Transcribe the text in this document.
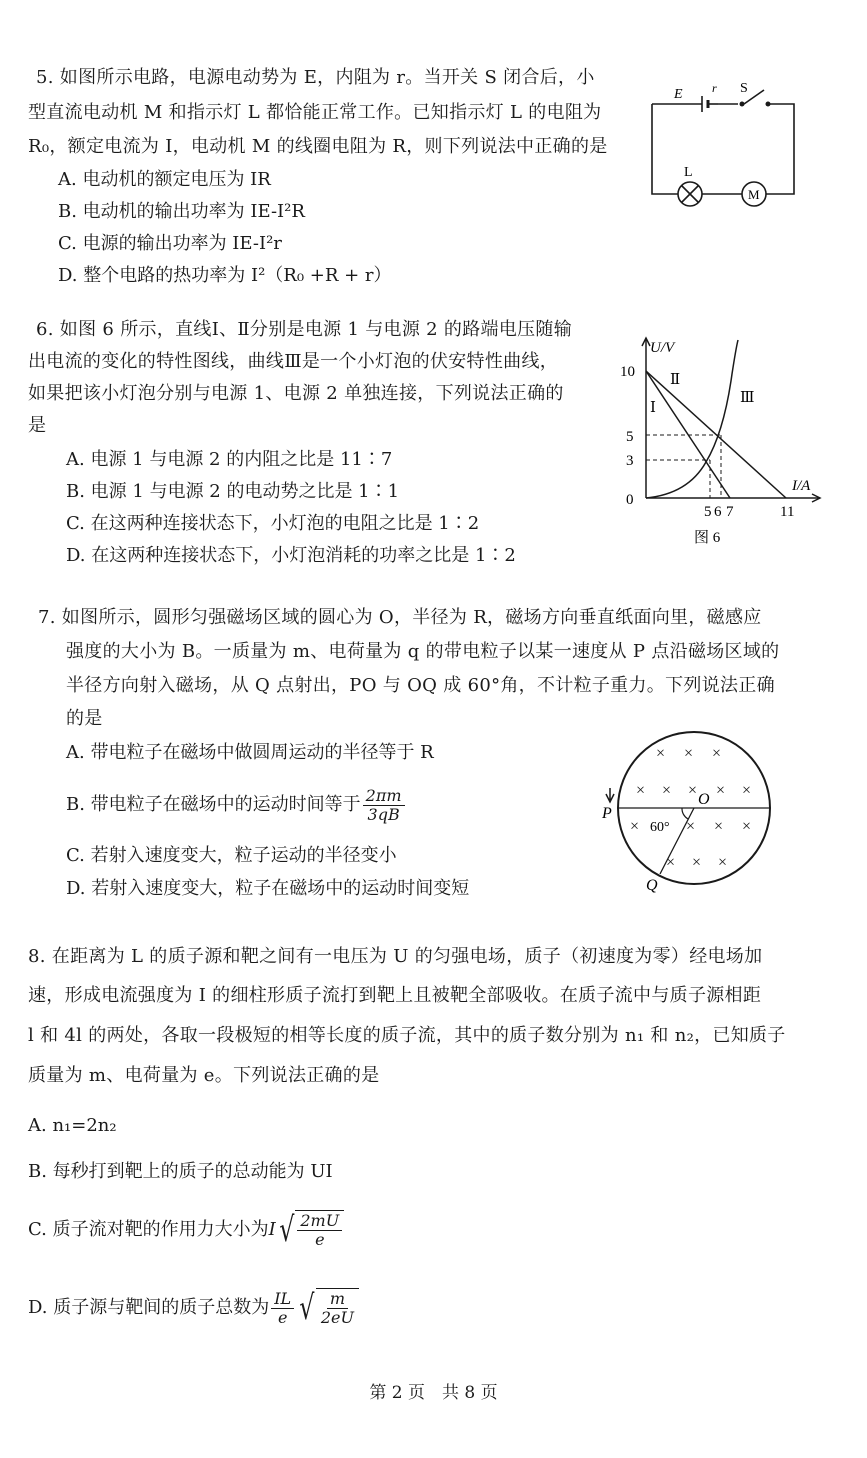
5. 如图所示电路，电源电动势为 E，内阻为 r。当开关 S 闭合后，小
型直流电动机 M 和指示灯 L 都恰能正常工作。已知指示灯 L 的电阻为
R₀，额定电流为 I，电动机 M 的线圈电阻为 R，则下列说法中正确的是
A. 电动机的额定电压为 IR
B. 电动机的输出功率为 IE-I²R
C. 电源的输出功率为 IE-I²r
D. 整个电路的热功率为 I²（R₀ +R + r）
E r S
L
M
6. 如图 6 所示，直线Ⅰ、Ⅱ分别是电源 1 与电源 2 的路端电压随输
出电流的变化的特性图线，曲线Ⅲ是一个小灯泡的伏安特性曲线，
如果把该小灯泡分别与电源 1、电源 2 单独连接，下列说法正确的
是
A. 电源 1 与电源 2 的内阻之比是 11∶7
B. 电源 1 与电源 2 的电动势之比是 1∶1
C. 在这两种连接状态下，小灯泡的电阻之比是 1∶2
D. 在这两种连接状态下，小灯泡消耗的功率之比是 1∶2
U/V
I/A
10
5
3
0
5 6 7	11
Ⅰ
Ⅱ
Ⅲ
图 6
7. 如图所示，圆形匀强磁场区域的圆心为 O，半径为 R，磁场方向垂直纸面向里，磁感应
强度的大小为 B。一质量为 m、电荷量为 q 的带电粒子以某一速度从 P 点沿磁场区域的
半径方向射入磁场，从 Q 点射出，PO 与 OQ 成 60°角，不计粒子重力。下列说法正确
的是
A. 带电粒子在磁场中做圆周运动的半径等于 R
B. 带电粒子在磁场中的运动时间等于 $\frac{2\pi m}{3qB}$
C. 若射入速度变大，粒子运动的半径变小
D. 若射入速度变大，粒子在磁场中的运动时间变短
× × ×
× × × × ×
×	× × ×
× × ×
60°
P
O
Q
8. 在距离为 L 的质子源和靶之间有一电压为 U 的匀强电场，质子（初速度为零）经电场加
速，形成电流强度为 I 的细柱形质子流打到靶上且被靶全部吸收。在质子流中与质子源相距
l 和 4l 的两处，各取一段极短的相等长度的质子流，其中的质子数分别为 n₁ 和 n₂，已知质子
质量为 m、电荷量为 e。下列说法正确的是
A. n₁=2n₂
B. 每秒打到靶上的质子的总动能为 UI
C. 质子流对靶的作用力大小为 I √ $\frac{2mU}{e}$
D. 质子源与靶间的质子总数为 $\frac{IL}{e}$ √ $\frac{m}{2eU}$
第 2 页　共 8 页
